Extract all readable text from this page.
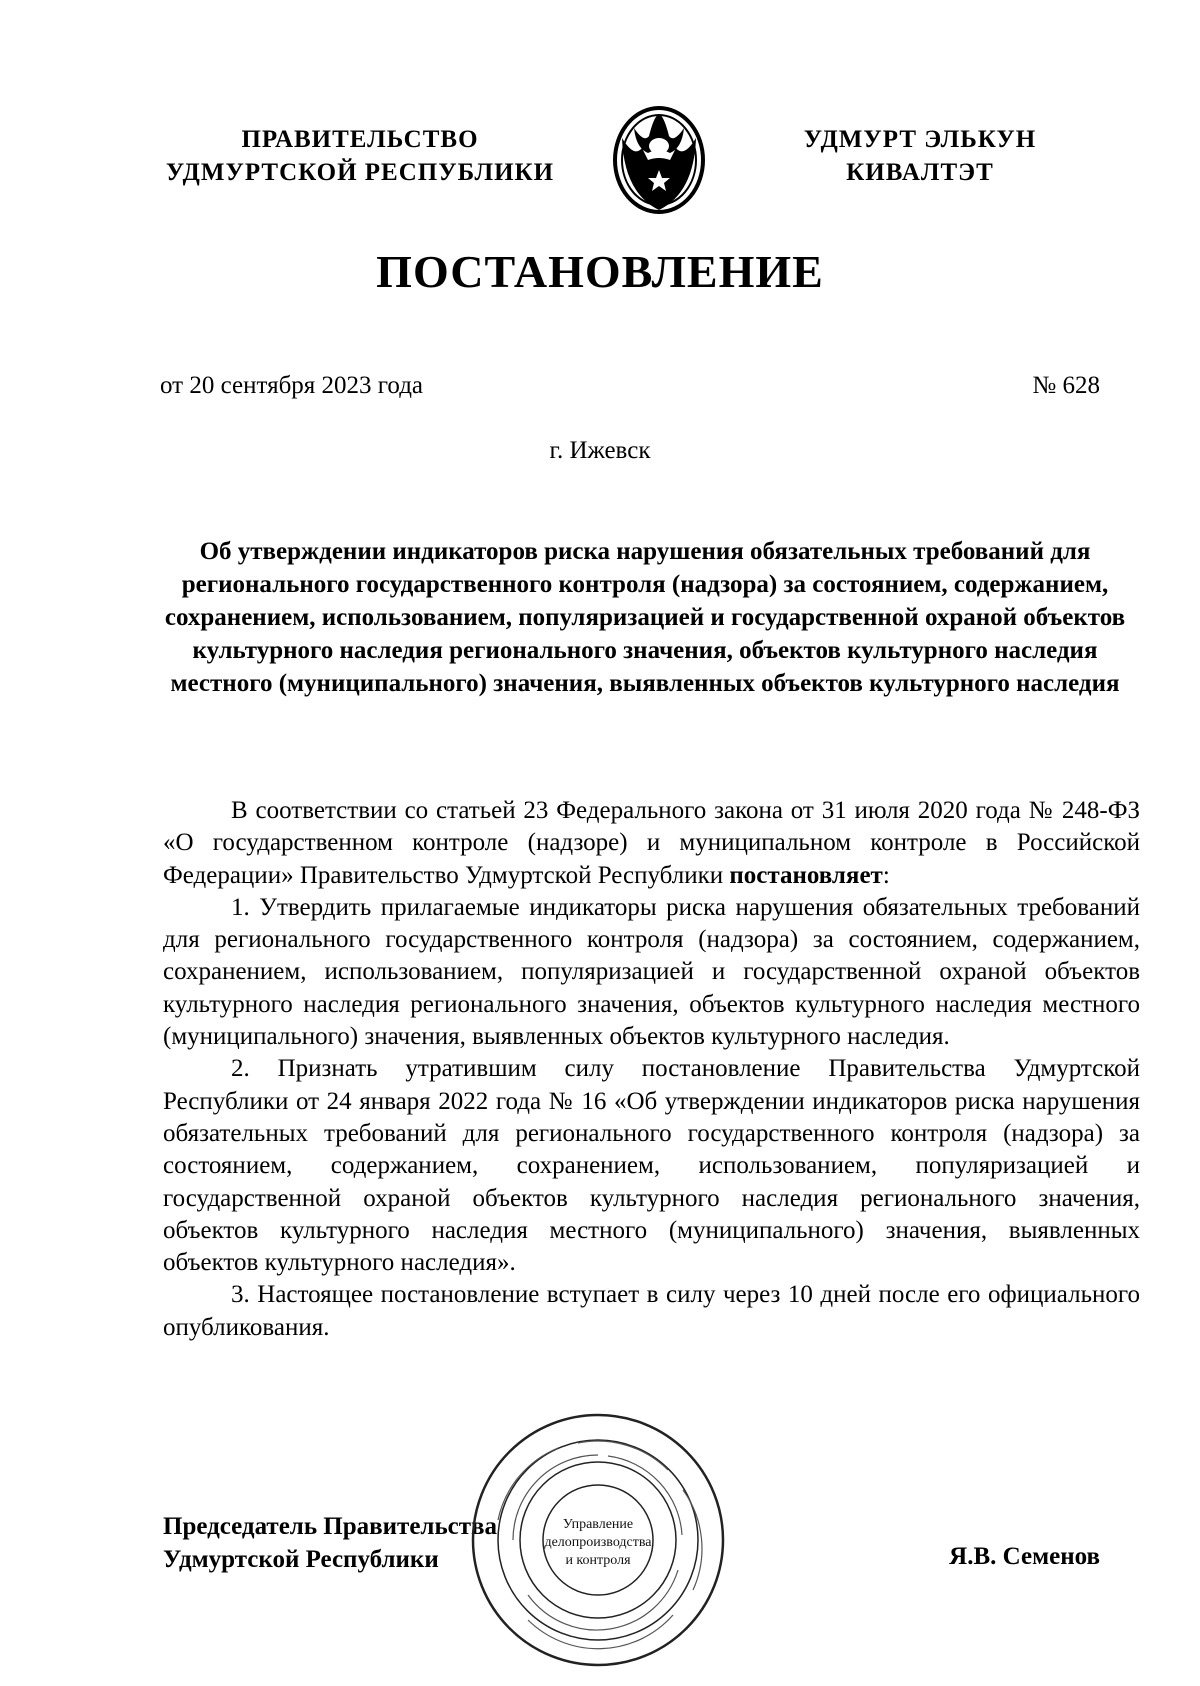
ПРАВИТЕЛЬСТВО
УДМУРТСКОЙ РЕСПУБЛИКИ
УДМУРТ ЭЛЬКУН
КИВАЛТЭТ
ПОСТАНОВЛЕНИЕ
от 20 сентября 2023 года	№ 628
г. Ижевск
Об утверждении индикаторов риска нарушения обязательных требований для регионального государственного контроля (надзора) за состоянием, содержанием, сохранением, использованием, популяризацией и государственной охраной объектов культурного наследия регионального значения, объектов культурного наследия местного (муниципального) значения, выявленных объектов культурного наследия

В соответствии со статьей 23 Федерального закона от 31 июля 2020 года № 248-ФЗ «О государственном контроле (надзоре) и муниципальном контроле в Российской Федерации» Правительство Удмуртской Республики постановляет:

1. Утвердить прилагаемые индикаторы риска нарушения обязательных требований для регионального государственного контроля (надзора) за состоянием, содержанием, сохранением, использованием, популяризацией и государственной охраной объектов культурного наследия регионального значения, объектов культурного наследия местного (муниципального) значения, выявленных объектов культурного наследия.

2. Признать утратившим силу постановление Правительства Удмуртской Республики от 24 января 2022 года № 16 «Об утверждении индикаторов риска нарушения обязательных требований для регионального государственного контроля (надзора) за состоянием, содержанием, сохранением, использованием, популяризацией и государственной охраной объектов культурного наследия регионального значения, объектов культурного наследия местного (муниципального) значения, выявленных объектов культурного наследия».

3. Настоящее постановление вступает в силу через 10 дней после его официального опубликования.

Председатель Правительства
Удмуртской Республики	Я.В. Семенов
Управление
делопроизводства
и контроля
